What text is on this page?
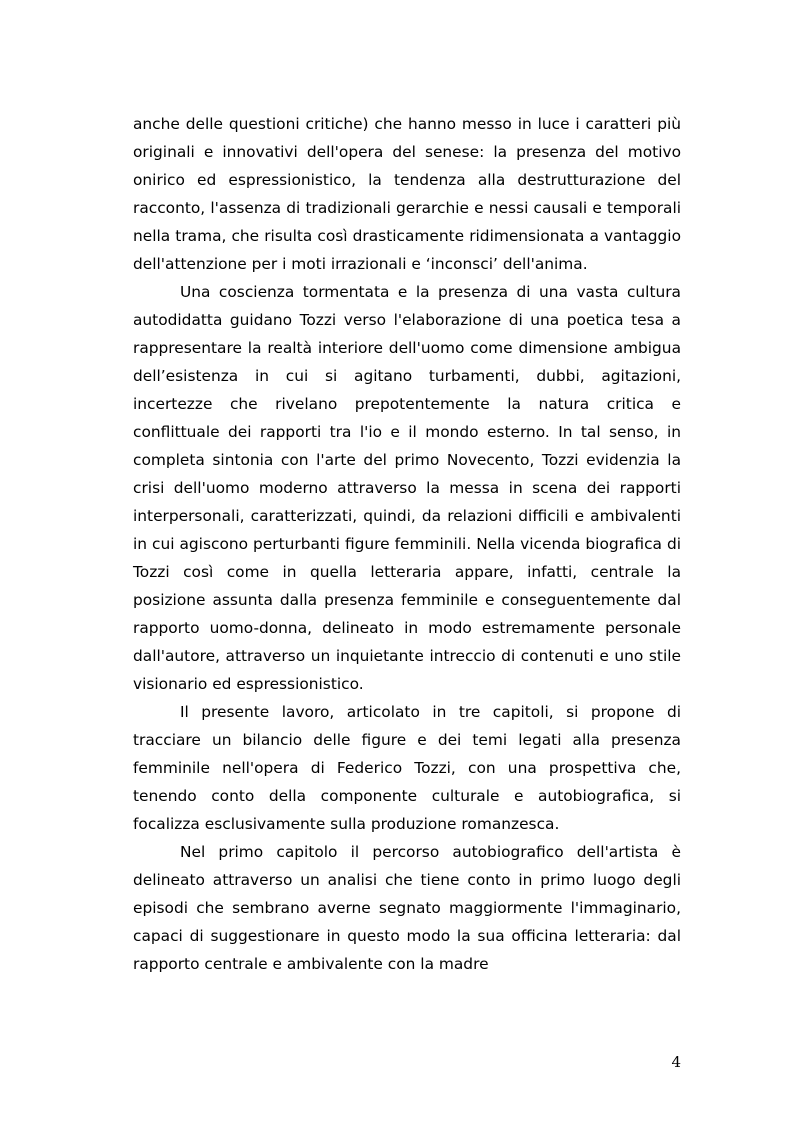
anche delle questioni critiche) che hanno messo in luce i caratteri più originali e innovativi dell'opera del senese: la presenza del motivo onirico ed espressionistico, la tendenza alla destrutturazione del racconto, l'assenza di tradizionali gerarchie e nessi causali e temporali nella trama, che risulta così drasticamente ridimensionata a vantaggio dell'attenzione per i moti irrazionali e ‘inconsci’ dell'anima.

Una coscienza tormentata e la presenza di una vasta cultura autodidatta guidano Tozzi verso l'elaborazione di una poetica tesa a rappresentare la realtà interiore dell'uomo come dimensione ambigua dell’esistenza in cui si agitano turbamenti, dubbi, agitazioni, incertezze che rivelano prepotentemente la natura critica e conflittuale dei rapporti tra l'io e il mondo esterno. In tal senso, in completa sintonia con l'arte del primo Novecento, Tozzi evidenzia la crisi dell'uomo moderno attraverso la messa in scena dei rapporti interpersonali, caratterizzati, quindi, da relazioni difficili e ambivalenti in cui agiscono perturbanti figure femminili. Nella vicenda biografica di Tozzi così come in quella letteraria appare, infatti, centrale la posizione assunta dalla presenza femminile e conseguentemente dal rapporto uomo-donna, delineato in modo estremamente personale dall'autore, attraverso un inquietante intreccio di contenuti e uno stile visionario ed espressionistico.

Il presente lavoro, articolato in tre capitoli, si propone di tracciare un bilancio delle figure e dei temi legati alla presenza femminile nell'opera di Federico Tozzi, con una prospettiva che, tenendo conto della componente culturale e autobiografica, si focalizza esclusivamente sulla produzione romanzesca.

Nel primo capitolo il percorso autobiografico dell'artista è delineato attraverso un analisi che tiene conto in primo luogo degli episodi che sembrano averne segnato maggiormente l'immaginario, capaci di suggestionare in questo modo la sua officina letteraria: dal rapporto centrale e ambivalente con la madre

4
